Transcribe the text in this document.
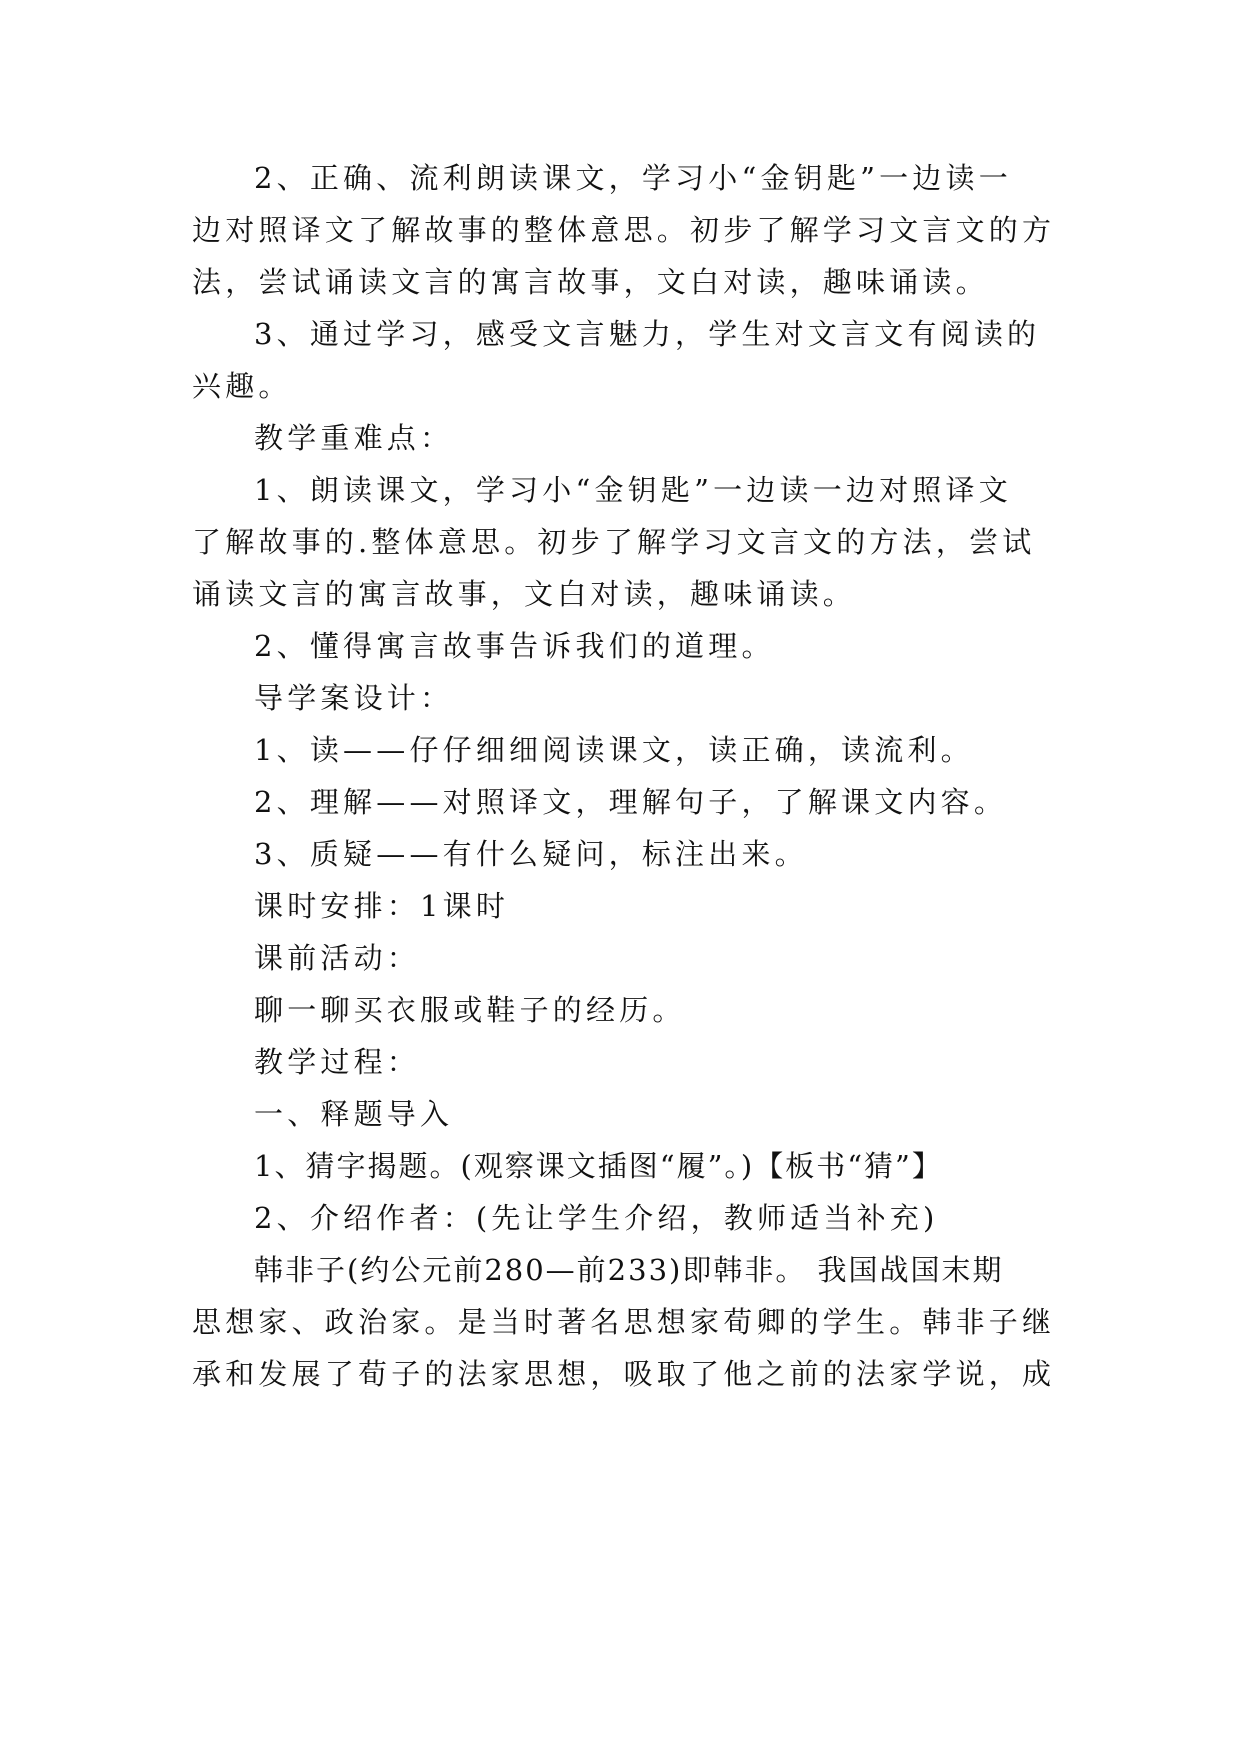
2、正确、流利朗读课文，学习小“金钥匙”一边读一
边对照译文了解故事的整体意思。初步了解学习文言文的方
法，尝试诵读文言的寓言故事，文白对读，趣味诵读。
3、通过学习，感受文言魅力，学生对文言文有阅读的
兴趣。
教学重难点：
1、朗读课文，学习小“金钥匙”一边读一边对照译文
了解故事的.整体意思。初步了解学习文言文的方法，尝试
诵读文言的寓言故事，文白对读，趣味诵读。
2、懂得寓言故事告诉我们的道理。
导学案设计：
1、读——仔仔细细阅读课文，读正确，读流利。
2、理解——对照译文，理解句子，了解课文内容。
3、质疑——有什么疑问，标注出来。
课时安排：1课时
课前活动：
聊一聊买衣服或鞋子的经历。
教学过程：
一、释题导入
1、猜字揭题。(观察课文插图“履”。)【板书“猜”】
2、介绍作者：(先让学生介绍，教师适当补充)
韩非子(约公元前280—前233)即韩非。 我国战国末期
思想家、政治家。是当时著名思想家荀卿的学生。韩非子继
承和发展了荀子的法家思想，吸取了他之前的法家学说，成
